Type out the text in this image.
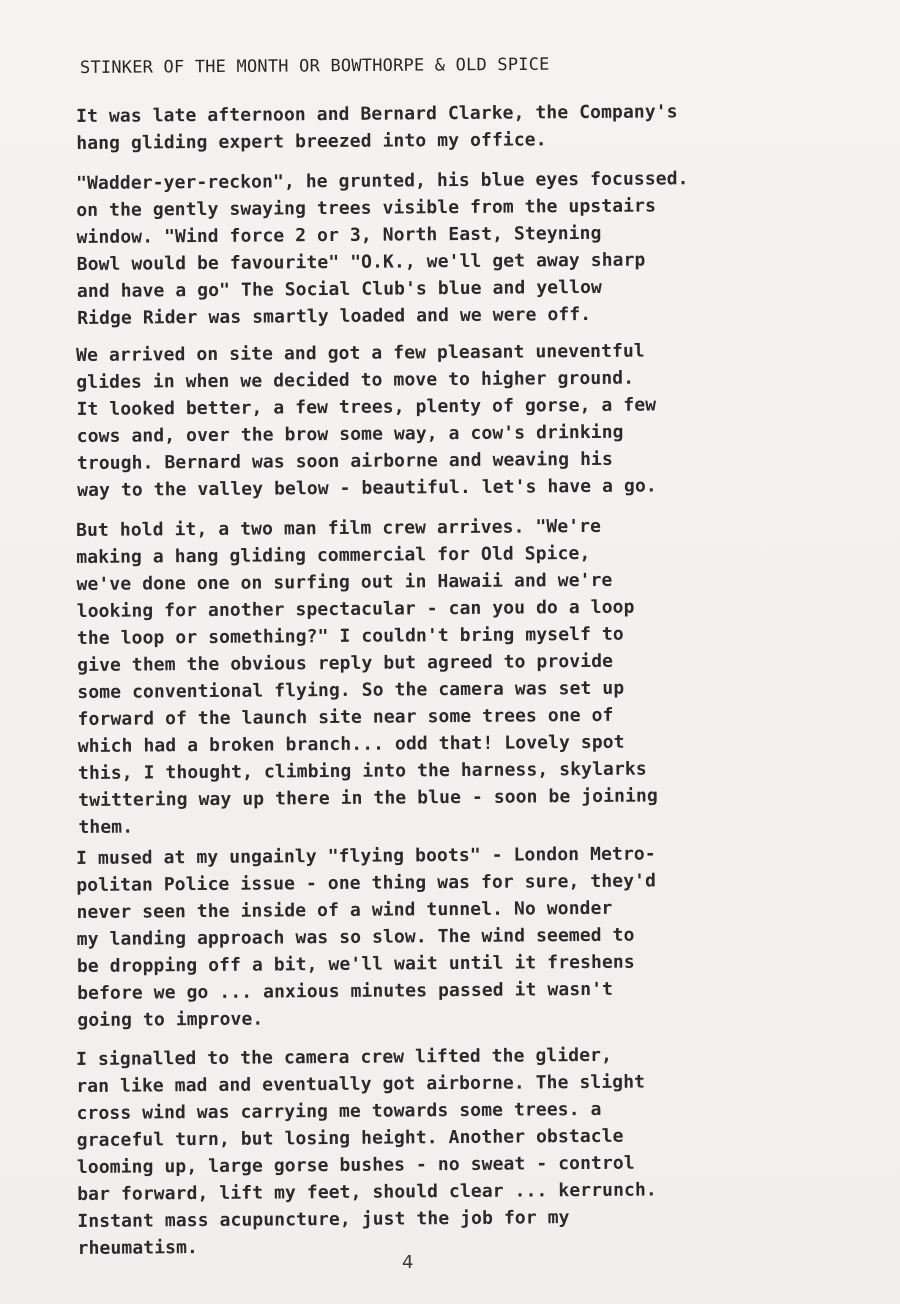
STINKER OF THE MONTH OR BOWTHORPE & OLD SPICE
It was late afternoon and Bernard Clarke, the Company's
hang gliding expert breezed into my office.
"Wadder-yer-reckon", he grunted, his blue eyes focussed.
on the gently swaying trees visible from the upstairs
window. "Wind force 2 or 3, North East, Steyning
Bowl would be favourite" "O.K., we'll get away sharp
and have a go" The Social Club's blue and yellow
Ridge Rider was smartly loaded and we were off.
We arrived on site and got a few pleasant uneventful
glides in when we decided to move to higher ground.
It looked better, a few trees, plenty of gorse, a few
cows and, over the brow some way, a cow's drinking
trough. Bernard was soon airborne and weaving his
way to the valley below - beautiful. let's have a go.
But hold it, a two man film crew arrives. "We're
making a hang gliding commercial for Old Spice,
we've done one on surfing out in Hawaii and we're
looking for another spectacular - can you do a loop
the loop or something?" I couldn't bring myself to
give them the obvious reply but agreed to provide
some conventional flying. So the camera was set up
forward of the launch site near some trees one of
which had a broken branch... odd that! Lovely spot
this, I thought, climbing into the harness, skylarks
twittering way up there in the blue - soon be joining
them.
I mused at my ungainly "flying boots" - London Metro-
politan Police issue - one thing was for sure, they'd
never seen the inside of a wind tunnel. No wonder
my landing approach was so slow. The wind seemed to
be dropping off a bit, we'll wait until it freshens
before we go ... anxious minutes passed it wasn't
going to improve.
I signalled to the camera crew lifted the glider,
ran like mad and eventually got airborne. The slight
cross wind was carrying me towards some trees. a
graceful turn, but losing height. Another obstacle
looming up, large gorse bushes - no sweat - control
bar forward, lift my feet, should clear ... kerrunch.
Instant mass acupuncture, just the job for my
rheumatism.
4
